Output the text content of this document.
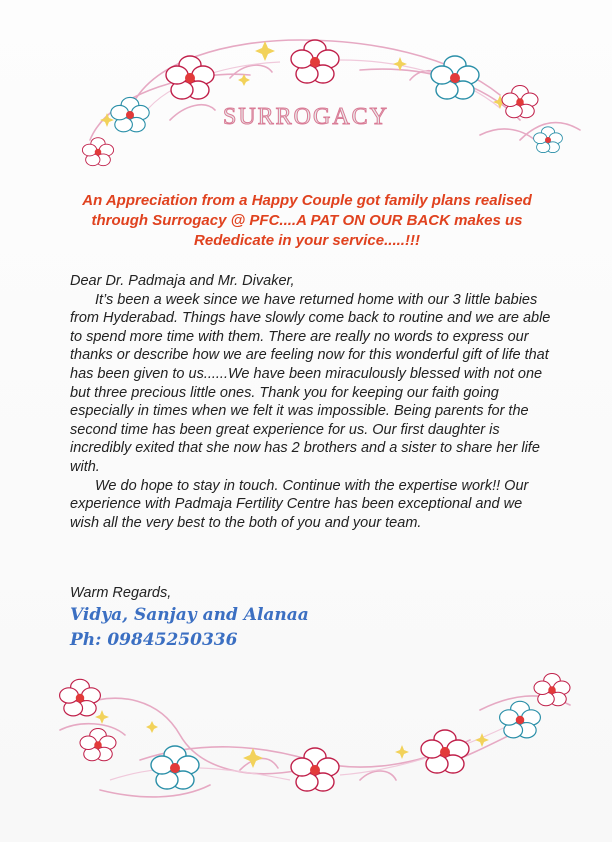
SURROGACY
An Appreciation from a Happy Couple got family plans realised through Surrogacy @ PFC....A PAT ON OUR BACK makes us Rededicate in your service.....!!!

Dear Dr. Padmaja and Mr. Divaker,

It’s been a week since we have returned home with our 3 little babies from Hyderabad. Things have slowly come back to routine and we are able to spend more time with them. There are really no words to express our thanks or describe how we are feeling now for this wonderful gift of life that has been given to us......We have been miraculously blessed with not one but three precious little ones. Thank you for keeping our faith going especially in times when we felt it was impossible. Being parents for the second time has been great experience for us. Our first daughter is incredibly exited that she now has 2 brothers and a sister to share her life with.

We do hope to stay in touch. Continue with the expertise work!! Our experience with Padmaja Fertility Centre has been exceptional and we wish all the very best to the both of you and your team.

Warm Regards,
Vidya, Sanjay and Alanaa
Ph: 09845250336
